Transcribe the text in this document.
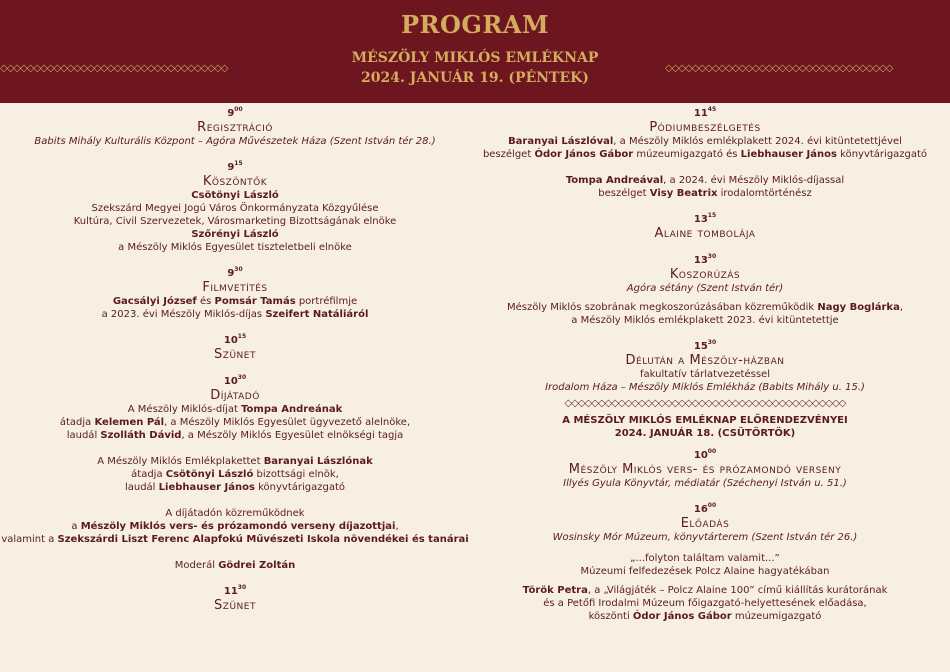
PROGRAM
MÉSZÖLY MIKLÓS EMLÉKNAP
2024. JANUÁR 19. (PÉNTEK)
◇◇◇◇◇◇◇◇◇◇◇◇◇◇◇◇◇◇◇◇◇◇◇◇◇◇◇◇◇◇◇◇◇◇	◇◇◇◇◇◇◇◇◇◇◇◇◇◇◇◇◇◇◇◇◇◇◇◇◇◇◇◇◇◇◇◇◇◇
$9^{00}$
Regisztráció
Babits Mihály Kulturális Központ – Agóra Művészetek Háza (Szent István tér 28.)
$9^{15}$
Köszöntők
Csötönyi László
Szekszárd Megyei Jogú Város Önkormányzata Közgyűlése
Kultúra, Civil Szervezetek, Városmarketing Bizottságának elnöke
Szőrényi László
a Mészöly Miklós Egyesület tiszteletbeli elnöke
$9^{30}$
Filmvetítés
Gacsályi József és Pomsár Tamás portréfilmje
a 2023. évi Mészöly Miklós-díjas Szeifert Natáliáról
$10^{15}$
Szünet
$10^{30}$
Díjátadó
A Mészöly Miklós-díjat Tompa Andreának
átadja Kelemen Pál, a Mészöly Miklós Egyesület ügyvezető alelnöke,
laudál Szolláth Dávid, a Mészöly Miklós Egyesület elnökségi tagja
A Mészöly Miklós Emlékplakettet Baranyai Lászlónak
átadja Csötönyi László bizottsági elnök,
laudál Liebhauser János könyvtárigazgató
A díjátadón közreműködnek
a Mészöly Miklós vers- és prózamondó verseny díjazottjai,
valamint a Szekszárdi Liszt Ferenc Alapfokú Művészeti Iskola növendékei és tanárai
Moderál Gödrei Zoltán
$11^{30}$
Szünet
$11^{45}$
Pódiumbeszélgetés
Baranyai Lászlóval, a Mészöly Miklós emlékplakett 2024. évi kitüntetettjével
beszélget Ódor János Gábor múzeumigazgató és Liebhauser János könyvtárigazgató
Tompa Andreával, a 2024. évi Mészöly Miklós-díjassal
beszélget Visy Beatrix irodalomtörténész
$13^{15}$
Alaine tombolája
$13^{30}$
Koszorúzás
Agóra sétány (Szent István tér)
Mészöly Miklós szobrának megkoszorúzásában közreműködik Nagy Boglárka,
a Mészöly Miklós emlékplakett 2023. évi kitüntetettje
$15^{30}$
Délután a Mészöly-házban
fakultatív tárlatvezetéssel
Irodalom Háza – Mészöly Miklós Emlékház (Babits Mihály u. 15.)
◇◇◇◇◇◇◇◇◇◇◇◇◇◇◇◇◇◇◇◇◇◇◇◇◇◇◇◇◇◇◇◇◇◇◇◇◇◇◇◇◇◇
A MÉSZÖLY MIKLÓS EMLÉKNAP ELŐRENDEZVÉNYEI
2024. JANUÁR 18. (CSÜTÖRTÖK)
$10^{00}$
Mészöly Miklós vers- és prózamondó verseny
Illyés Gyula Könyvtár, médiatár (Széchenyi István u. 51.)
$16^{00}$
Előadás
Wosinsky Mór Múzeum, könyvtárterem (Szent István tér 26.)
„...folyton találtam valamit...”
Múzeumi felfedezések Polcz Alaine hagyatékában
Török Petra, a „Világjáték – Polcz Alaine 100” című kiállítás kurátorának
és a Petőfi Irodalmi Múzeum főigazgató-helyettesének előadása,
köszönti Ódor János Gábor múzeumigazgató
